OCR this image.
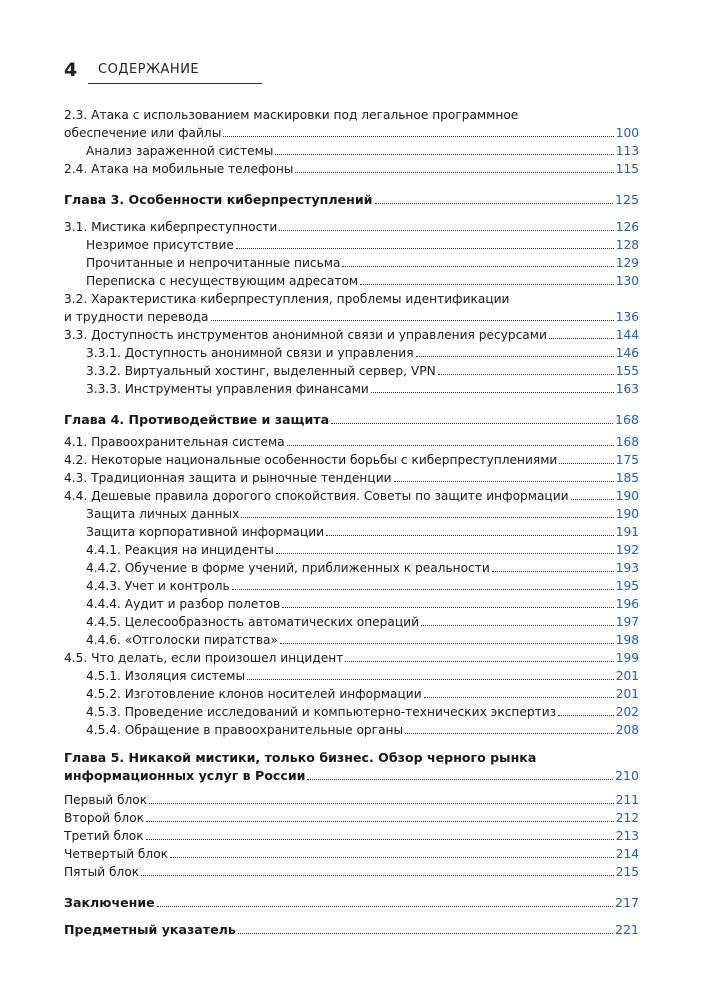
4 СОДЕРЖАНИЕ
2.3. Атака с использованием маскировки под легальное программное
обеспечение или файлы	100
Анализ зараженной системы	113
2.4. Атака на мобильные телефоны	115
Глава 3. Особенности киберпреступлений	125
3.1. Мистика киберпреступности	126
Незримое присутствие	128
Прочитанные и непрочитанные письма	129
Переписка с несуществующим адресатом	130
3.2. Характеристика киберпреступления, проблемы идентификации
и трудности перевода	136
3.3. Доступность инструментов анонимной связи и управления ресурсами	144
3.3.1. Доступность анонимной связи и управления	146
3.3.2. Виртуальный хостинг, выделенный сервер, VPN	155
3.3.3. Инструменты управления финансами	163
Глава 4. Противодействие и защита	168
4.1. Правоохранительная система	168
4.2. Некоторые национальные особенности борьбы с киберпреступлениями	175
4.3. Традиционная защита и рыночные тенденции	185
4.4. Дешевые правила дорогого спокойствия. Советы по защите информации	190
Защита личных данных	190
Защита корпоративной информации	191
4.4.1. Реакция на инциденты	192
4.4.2. Обучение в форме учений, приближенных к реальности	193
4.4.3. Учет и контроль	195
4.4.4. Аудит и разбор полетов	196
4.4.5. Целесообразность автоматических операций	197
4.4.6. «Отголоски пиратства»	198
4.5. Что делать, если произошел инцидент	199
4.5.1. Изоляция системы	201
4.5.2. Изготовление клонов носителей информации	201
4.5.3. Проведение исследований и компьютерно-технических экспертиз	202
4.5.4. Обращение в правоохранительные органы	208
Глава 5. Никакой мистики, только бизнес. Обзор черного рынка
информационных услуг в России	210
Первый блок	211
Второй блок	212
Третий блок	213
Четвертый блок	214
Пятый блок	215
Заключение	217
Предметный указатель	221
